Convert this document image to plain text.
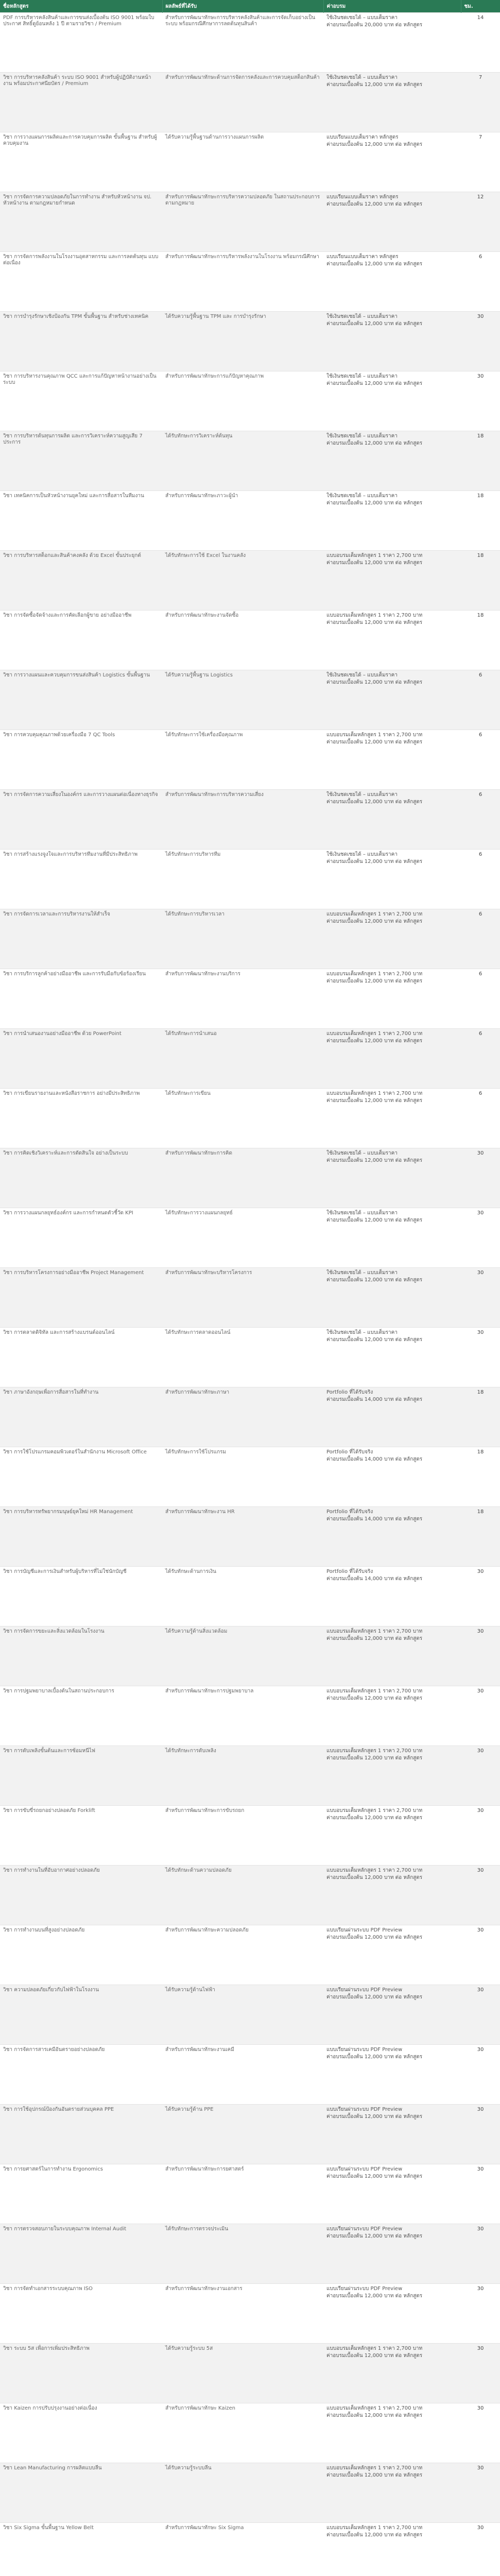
ชื่อหลักสูตร	ผลลัพธ์ที่ได้รับ	ค่าอบรม	ชม.
PDF การบริหารคลังสินค้าและการขนส่งเบื้องต้น ISO 9001 พร้อมใบประกาศ สิทธิ์ดูย้อนหลัง 1 ปี ตามรายวิชา / Premium	สำหรับการพัฒนาทักษะการบริหารคลังสินค้าและการจัดเก็บอย่างเป็นระบบ พร้อมกรณีศึกษาการลดต้นทุนสินค้า	ใช้เงินชดเชยได้ – แบบเต็มราคา
ค่าอบรมเบื้องต้น 20,000 บาท ต่อ หลักสูตร	14
วิชา การบริหารคลังสินค้า ระบบ ISO 9001 สำหรับผู้ปฏิบัติงานหน้างาน พร้อมประกาศนียบัตร / Premium	สำหรับการพัฒนาทักษะด้านการจัดการคลังและการควบคุมสต็อกสินค้า	ใช้เงินชดเชยได้ – แบบเต็มราคา
ค่าอบรมเบื้องต้น 12,000 บาท ต่อ หลักสูตร	7
วิชา การวางแผนการผลิตและการควบคุมการผลิต ขั้นพื้นฐาน สำหรับผู้ควบคุมงาน	ได้รับความรู้พื้นฐานด้านการวางแผนการผลิต	แบบเรียนแบบเต็มราคา หลักสูตร
ค่าอบรมเบื้องต้น 12,000 บาท ต่อ หลักสูตร	7
วิชา การจัดการความปลอดภัยในการทำงาน สำหรับหัวหน้างาน จป. หัวหน้างาน ตามกฎหมายกำหนด	สำหรับการพัฒนาทักษะการบริหารความปลอดภัย ในสถานประกอบการ ตามกฎหมาย	แบบเรียนแบบเต็มราคา หลักสูตร
ค่าอบรมเบื้องต้น 12,000 บาท ต่อ หลักสูตร	12
วิชา การจัดการพลังงานในโรงงานอุตสาหกรรม และการลดต้นทุน แบบต่อเนื่อง	สำหรับการพัฒนาทักษะการบริหารพลังงานในโรงงาน พร้อมกรณีศึกษา	แบบเรียนแบบเต็มราคา หลักสูตร
ค่าอบรมเบื้องต้น 12,000 บาท ต่อ หลักสูตร	6
วิชา การบำรุงรักษาเชิงป้องกัน TPM ขั้นพื้นฐาน สำหรับช่างเทคนิค	ได้รับความรู้พื้นฐาน TPM และ การบำรุงรักษา	ใช้เงินชดเชยได้ – แบบเต็มราคา
ค่าอบรมเบื้องต้น 12,000 บาท ต่อ หลักสูตร	30
วิชา การบริหารงานคุณภาพ QCC และการแก้ปัญหาหน้างานอย่างเป็นระบบ	สำหรับการพัฒนาทักษะการแก้ปัญหาคุณภาพ	ใช้เงินชดเชยได้ – แบบเต็มราคา
ค่าอบรมเบื้องต้น 12,000 บาท ต่อ หลักสูตร	30
วิชา การบริหารต้นทุนการผลิต และการวิเคราะห์ความสูญเสีย 7 ประการ	ได้รับทักษะการวิเคราะห์ต้นทุน	ใช้เงินชดเชยได้ – แบบเต็มราคา
ค่าอบรมเบื้องต้น 12,000 บาท ต่อ หลักสูตร	18
วิชา เทคนิคการเป็นหัวหน้างานยุคใหม่ และการสื่อสารในทีมงาน	สำหรับการพัฒนาทักษะภาวะผู้นำ	ใช้เงินชดเชยได้ – แบบเต็มราคา
ค่าอบรมเบื้องต้น 12,000 บาท ต่อ หลักสูตร	18
วิชา การบริหารสต็อกและสินค้าคงคลัง ด้วย Excel ขั้นประยุกต์	ได้รับทักษะการใช้ Excel ในงานคลัง	แบบอบรมเต็มหลักสูตร 1 ราคา 2,700 บาท
ค่าอบรมเบื้องต้น 12,000 บาท ต่อ หลักสูตร	18
วิชา การจัดซื้อจัดจ้างและการคัดเลือกผู้ขาย อย่างมืออาชีพ	สำหรับการพัฒนาทักษะงานจัดซื้อ	แบบอบรมเต็มหลักสูตร 1 ราคา 2,700 บาท
ค่าอบรมเบื้องต้น 12,000 บาท ต่อ หลักสูตร	18
วิชา การวางแผนและควบคุมการขนส่งสินค้า Logistics ขั้นพื้นฐาน	ได้รับความรู้พื้นฐาน Logistics	ใช้เงินชดเชยได้ – แบบเต็มราคา
ค่าอบรมเบื้องต้น 12,000 บาท ต่อ หลักสูตร	6
วิชา การควบคุมคุณภาพด้วยเครื่องมือ 7 QC Tools	ได้รับทักษะการใช้เครื่องมือคุณภาพ	แบบอบรมเต็มหลักสูตร 1 ราคา 2,700 บาท
ค่าอบรมเบื้องต้น 12,000 บาท ต่อ หลักสูตร	6
วิชา การจัดการความเสี่ยงในองค์กร และการวางแผนต่อเนื่องทางธุรกิจ	สำหรับการพัฒนาทักษะการบริหารความเสี่ยง	ใช้เงินชดเชยได้ – แบบเต็มราคา
ค่าอบรมเบื้องต้น 12,000 บาท ต่อ หลักสูตร	6
วิชา การสร้างแรงจูงใจและการบริหารทีมงานที่มีประสิทธิภาพ	ได้รับทักษะการบริหารทีม	ใช้เงินชดเชยได้ – แบบเต็มราคา
ค่าอบรมเบื้องต้น 12,000 บาท ต่อ หลักสูตร	6
วิชา การจัดการเวลาและการบริหารงานให้สำเร็จ	ได้รับทักษะการบริหารเวลา	แบบอบรมเต็มหลักสูตร 1 ราคา 2,700 บาท
ค่าอบรมเบื้องต้น 12,000 บาท ต่อ หลักสูตร	6
วิชา การบริการลูกค้าอย่างมืออาชีพ และการรับมือกับข้อร้องเรียน	สำหรับการพัฒนาทักษะงานบริการ	แบบอบรมเต็มหลักสูตร 1 ราคา 2,700 บาท
ค่าอบรมเบื้องต้น 12,000 บาท ต่อ หลักสูตร	6
วิชา การนำเสนองานอย่างมืออาชีพ ด้วย PowerPoint	ได้รับทักษะการนำเสนอ	แบบอบรมเต็มหลักสูตร 1 ราคา 2,700 บาท
ค่าอบรมเบื้องต้น 12,000 บาท ต่อ หลักสูตร	6
วิชา การเขียนรายงานและหนังสือราชการ อย่างมีประสิทธิภาพ	ได้รับทักษะการเขียน	แบบอบรมเต็มหลักสูตร 1 ราคา 2,700 บาท
ค่าอบรมเบื้องต้น 12,000 บาท ต่อ หลักสูตร	6
วิชา การคิดเชิงวิเคราะห์และการตัดสินใจ อย่างเป็นระบบ	สำหรับการพัฒนาทักษะการคิด	ใช้เงินชดเชยได้ – แบบเต็มราคา
ค่าอบรมเบื้องต้น 12,000 บาท ต่อ หลักสูตร	30
วิชา การวางแผนกลยุทธ์องค์กร และการกำหนดตัวชี้วัด KPI	ได้รับทักษะการวางแผนกลยุทธ์	ใช้เงินชดเชยได้ – แบบเต็มราคา
ค่าอบรมเบื้องต้น 12,000 บาท ต่อ หลักสูตร	30
วิชา การบริหารโครงการอย่างมืออาชีพ Project Management	สำหรับการพัฒนาทักษะบริหารโครงการ	ใช้เงินชดเชยได้ – แบบเต็มราคา
ค่าอบรมเบื้องต้น 12,000 บาท ต่อ หลักสูตร	30
วิชา การตลาดดิจิทัล และการสร้างแบรนด์ออนไลน์	ได้รับทักษะการตลาดออนไลน์	ใช้เงินชดเชยได้ – แบบเต็มราคา
ค่าอบรมเบื้องต้น 12,000 บาท ต่อ หลักสูตร	30
วิชา ภาษาอังกฤษเพื่อการสื่อสารในที่ทำงาน	สำหรับการพัฒนาทักษะภาษา	Portfolio ที่ได้รับจริง
ค่าอบรมเบื้องต้น 14,000 บาท ต่อ หลักสูตร	18
วิชา การใช้โปรแกรมคอมพิวเตอร์ในสำนักงาน Microsoft Office	ได้รับทักษะการใช้โปรแกรม	Portfolio ที่ได้รับจริง
ค่าอบรมเบื้องต้น 14,000 บาท ต่อ หลักสูตร	18
วิชา การบริหารทรัพยากรมนุษย์ยุคใหม่ HR Management	สำหรับการพัฒนาทักษะงาน HR	Portfolio ที่ได้รับจริง
ค่าอบรมเบื้องต้น 14,000 บาท ต่อ หลักสูตร	18
วิชา การบัญชีและการเงินสำหรับผู้บริหารที่ไม่ใช่นักบัญชี	ได้รับทักษะด้านการเงิน	Portfolio ที่ได้รับจริง
ค่าอบรมเบื้องต้น 14,000 บาท ต่อ หลักสูตร	30
วิชา การจัดการขยะและสิ่งแวดล้อมในโรงงาน	ได้รับความรู้ด้านสิ่งแวดล้อม	แบบอบรมเต็มหลักสูตร 1 ราคา 2,700 บาท
ค่าอบรมเบื้องต้น 12,000 บาท ต่อ หลักสูตร	30
วิชา การปฐมพยาบาลเบื้องต้นในสถานประกอบการ	สำหรับการพัฒนาทักษะการปฐมพยาบาล	แบบอบรมเต็มหลักสูตร 1 ราคา 2,700 บาท
ค่าอบรมเบื้องต้น 12,000 บาท ต่อ หลักสูตร	30
วิชา การดับเพลิงขั้นต้นและการซ้อมหนีไฟ	ได้รับทักษะการดับเพลิง	แบบอบรมเต็มหลักสูตร 1 ราคา 2,700 บาท
ค่าอบรมเบื้องต้น 12,000 บาท ต่อ หลักสูตร	30
วิชา การขับขี่รถยกอย่างปลอดภัย Forklift	สำหรับการพัฒนาทักษะการขับรถยก	แบบอบรมเต็มหลักสูตร 1 ราคา 2,700 บาท
ค่าอบรมเบื้องต้น 12,000 บาท ต่อ หลักสูตร	30
วิชา การทำงานในที่อับอากาศอย่างปลอดภัย	ได้รับทักษะด้านความปลอดภัย	แบบอบรมเต็มหลักสูตร 1 ราคา 2,700 บาท
ค่าอบรมเบื้องต้น 12,000 บาท ต่อ หลักสูตร	30
วิชา การทำงานบนที่สูงอย่างปลอดภัย	สำหรับการพัฒนาทักษะความปลอดภัย	แบบเรียนผ่านระบบ PDF Preview
ค่าอบรมเบื้องต้น 12,000 บาท ต่อ หลักสูตร	30
วิชา ความปลอดภัยเกี่ยวกับไฟฟ้าในโรงงาน	ได้รับความรู้ด้านไฟฟ้า	แบบเรียนผ่านระบบ PDF Preview
ค่าอบรมเบื้องต้น 12,000 บาท ต่อ หลักสูตร	30
วิชา การจัดการสารเคมีอันตรายอย่างปลอดภัย	สำหรับการพัฒนาทักษะงานเคมี	แบบเรียนผ่านระบบ PDF Preview
ค่าอบรมเบื้องต้น 12,000 บาท ต่อ หลักสูตร	30
วิชา การใช้อุปกรณ์ป้องกันอันตรายส่วนบุคคล PPE	ได้รับความรู้ด้าน PPE	แบบเรียนผ่านระบบ PDF Preview
ค่าอบรมเบื้องต้น 12,000 บาท ต่อ หลักสูตร	30
วิชา การยศาสตร์ในการทำงาน Ergonomics	สำหรับการพัฒนาทักษะการยศาสตร์	แบบเรียนผ่านระบบ PDF Preview
ค่าอบรมเบื้องต้น 12,000 บาท ต่อ หลักสูตร	30
วิชา การตรวจสอบภายในระบบคุณภาพ Internal Audit	ได้รับทักษะการตรวจประเมิน	แบบเรียนผ่านระบบ PDF Preview
ค่าอบรมเบื้องต้น 12,000 บาท ต่อ หลักสูตร	30
วิชา การจัดทำเอกสารระบบคุณภาพ ISO	สำหรับการพัฒนาทักษะงานเอกสาร	แบบเรียนผ่านระบบ PDF Preview
ค่าอบรมเบื้องต้น 12,000 บาท ต่อ หลักสูตร	30
วิชา ระบบ 5ส เพื่อการเพิ่มประสิทธิภาพ	ได้รับความรู้ระบบ 5ส	แบบอบรมเต็มหลักสูตร 1 ราคา 2,700 บาท
ค่าอบรมเบื้องต้น 12,000 บาท ต่อ หลักสูตร	30
วิชา Kaizen การปรับปรุงงานอย่างต่อเนื่อง	สำหรับการพัฒนาทักษะ Kaizen	แบบอบรมเต็มหลักสูตร 1 ราคา 2,700 บาท
ค่าอบรมเบื้องต้น 12,000 บาท ต่อ หลักสูตร	30
วิชา Lean Manufacturing การผลิตแบบลีน	ได้รับความรู้ระบบลีน	แบบอบรมเต็มหลักสูตร 1 ราคา 2,700 บาท
ค่าอบรมเบื้องต้น 12,000 บาท ต่อ หลักสูตร	30
วิชา Six Sigma ขั้นพื้นฐาน Yellow Belt	สำหรับการพัฒนาทักษะ Six Sigma	แบบอบรมเต็มหลักสูตร 1 ราคา 2,700 บาท
ค่าอบรมเบื้องต้น 12,000 บาท ต่อ หลักสูตร	30
